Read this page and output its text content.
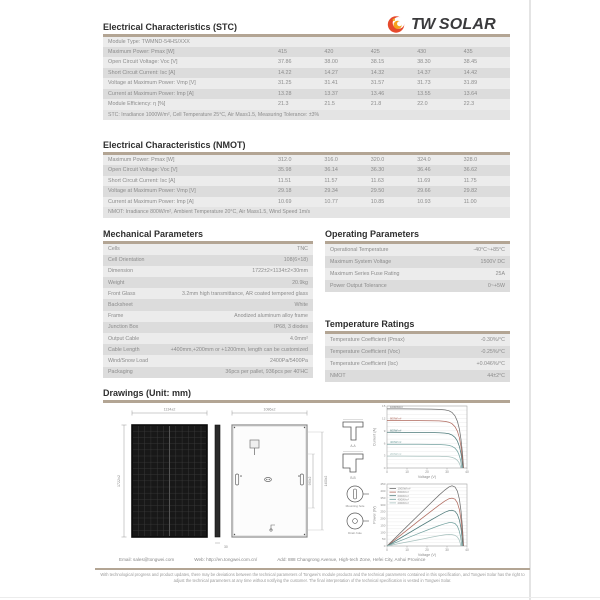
TW SOLAR
Electrical Characteristics (STC)
Module Type: TWMND-54HS/XXX
Maximum Power: Pmax [W]	415	420	425	430	435
Open Circuit Voltage: Voc [V]	37.86	38.00	38.15	38.30	38.45
Short Circuit Current: Isc [A]	14.22	14.27	14.32	14.37	14.42
Voltage at Maximum Power: Vmp [V]	31.25	31.41	31.57	31.73	31.89
Current at Maximum Power: Imp [A]	13.28	13.37	13.46	13.55	13.64
Module Efficiency: η [%]	21.3	21.5	21.8	22.0	22.3
STC: Irradiance 1000W/m², Cell Temperature 25°C, Air Mass1.5, Measuring Tolerance: ±3%
Electrical Characteristics (NMOT)
Maximum Power: Pmax [W]	312.0	316.0	320.0	324.0	328.0
Open Circuit Voltage: Voc [V]	35.98	36.14	36.30	36.46	36.62
Short Circuit Current: Isc [A]	11.51	11.57	11.63	11.69	11.75
Voltage at Maximum Power: Vmp [V]	29.18	29.34	29.50	29.66	29.82
Current at Maximum Power: Imp [A]	10.69	10.77	10.85	10.93	11.00
NMOT: Irradiance 800W/m², Ambient Temperature 20°C, Air Mass1.5, Wind Speed 1m/s
Mechanical Parameters
Cells	TNC
Cell Orientation	108(6×18)
Dimension	1722±2×1134±2×30mm
Weight	20.9kg
Front Glass	3.2mm high transmittance, AR coated tempered glass
Backsheet	White
Frame	Anodized aluminum alloy frame
Junction Box	IP68, 3 diodes
Output Cable	4.0mm²
Cable Length	+400mm,+200mm or +1200mm, length can be customized
Wind/Snow Load	2400Pa/5400Pa
Packaging	36pcs per pallet, 936pcs per 40'HC
Operating Parameters
Operational Temperature	-40°C~+85°C
Maximum System Voltage	1500V DC
Maximum Series Fuse Rating	25A
Power Output Tolerance	0~+5W
Temperature Ratings
Temperature Coefficient (Pmax)	-0.30%/°C
Temperature Coefficient (Voc)	-0.25%/°C
Temperature Coefficient (Isc)	+0.046%/°C
NMOT	44±2°C
Drawings (Unit: mm)
1134±2
1722±2
30
1086±2
990±2	1400±2
A-A
B-B
Mounting hole
Drain hole
0	10	20	30	40
0
3
6
9
12
15 1000W/m²
800W/m²
600W/m²
400W/m²
200W/m²
Voltage (V)
Current (A)
0	10	20	30	40
0
50
100
150
200
250
300
350
400
450
1000W/m²
800W/m²
600W/m²
400W/m²
200W/m²
Voltage (V)
Power (W)
Email: sales@tongwei.com	Web: http://en.tongwei.com.cn/	Add: 888 Changrong Avenue, High-tech Zone, Hefei City, Anhui Province
With technological progress and product updates, there may be deviations between the technical parameters of Tongwei's module products and the technical parameters contained in this specification, and Tongwei Solar has the right to adjust the technical parameters at any time without notifying the customer. The final interpretation of the technical specification is vested in Tongwei Solar.
